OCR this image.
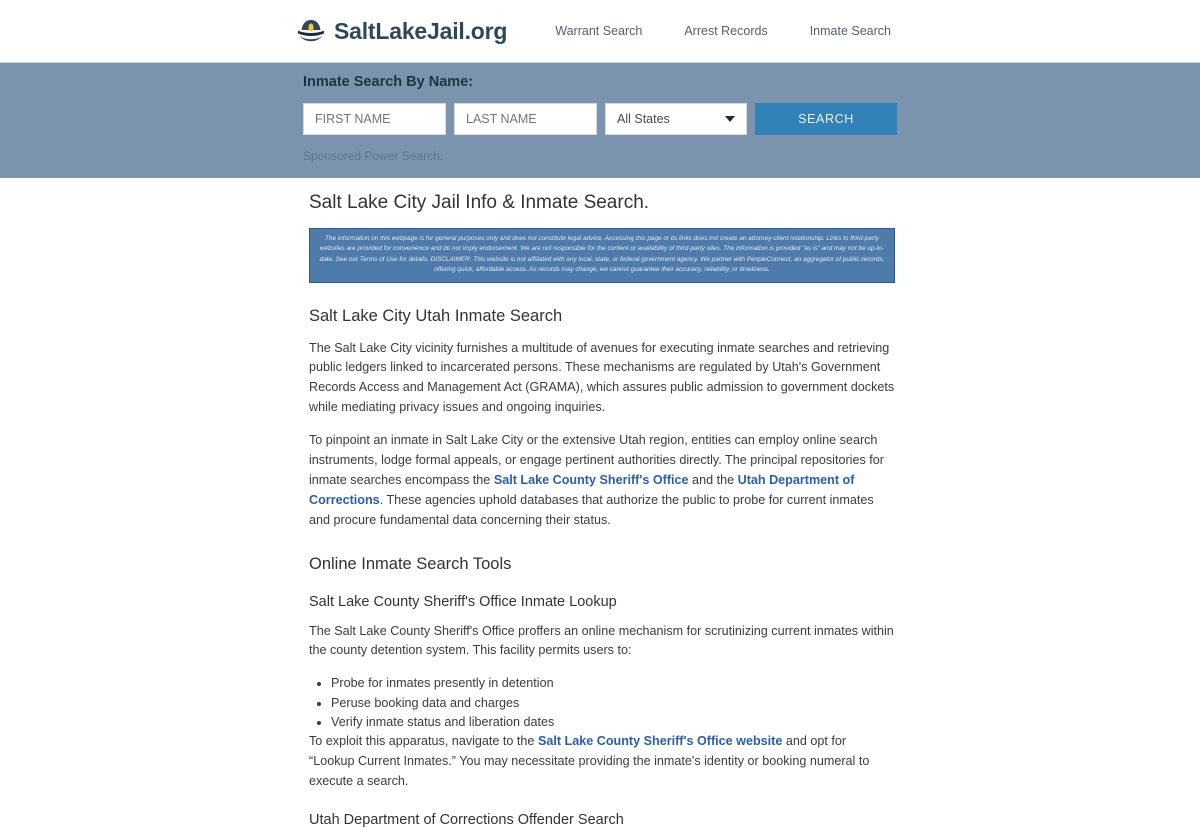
SaltLakeJail.org	Warrant Search	Arrest Records	Inmate Search
Inmate Search By Name:
FIRST NAME
LAST NAME
All States	SEARCH
Sponsored Power Search.
Salt Lake City Jail Info & Inmate Search.
The information on this webpage is for general purposes only and does not constitute legal advice. Accessing this page or its links does not create an attorney-client relationship. Links to third-party websites are provided for convenience and do not imply endorsement. We are not responsible for the content or availability of third-party sites. The information is provided "as is" and may not be up-to-date. See our Terms of Use for details. DISCLAIMER: This website is not affiliated with any local, state, or federal government agency. We partner with PeopleConnect, an aggregator of public records, offering quick, affordable access. As records may change, we cannot guarantee their accuracy, reliability, or timeliness.
Salt Lake City Utah Inmate Search

The Salt Lake City vicinity furnishes a multitude of avenues for executing inmate searches and retrieving public ledgers linked to incarcerated persons. These mechanisms are regulated by Utah's Government Records Access and Management Act (GRAMA), which assures public admission to government dockets while mediating privacy issues and ongoing inquiries.

To pinpoint an inmate in Salt Lake City or the extensive Utah region, entities can employ online search instruments, lodge formal appeals, or engage pertinent authorities directly. The principal repositories for inmate searches encompass the Salt Lake County Sheriff's Office and the Utah Department of Corrections. These agencies uphold databases that authorize the public to probe for current inmates and procure fundamental data concerning their status.

Online Inmate Search Tools
Salt Lake County Sheriff's Office Inmate Lookup

The Salt Lake County Sheriff's Office proffers an online mechanism for scrutinizing current inmates within the county detention system. This facility permits users to:

• Probe for inmates presently in detention
• Peruse booking data and charges
• Verify inmate status and liberation dates

To exploit this apparatus, navigate to the Salt Lake County Sheriff's Office website and opt for “Lookup Current Inmates.” You may necessitate providing the inmate's identity or booking numeral to execute a search.

Utah Department of Corrections Offender Search
